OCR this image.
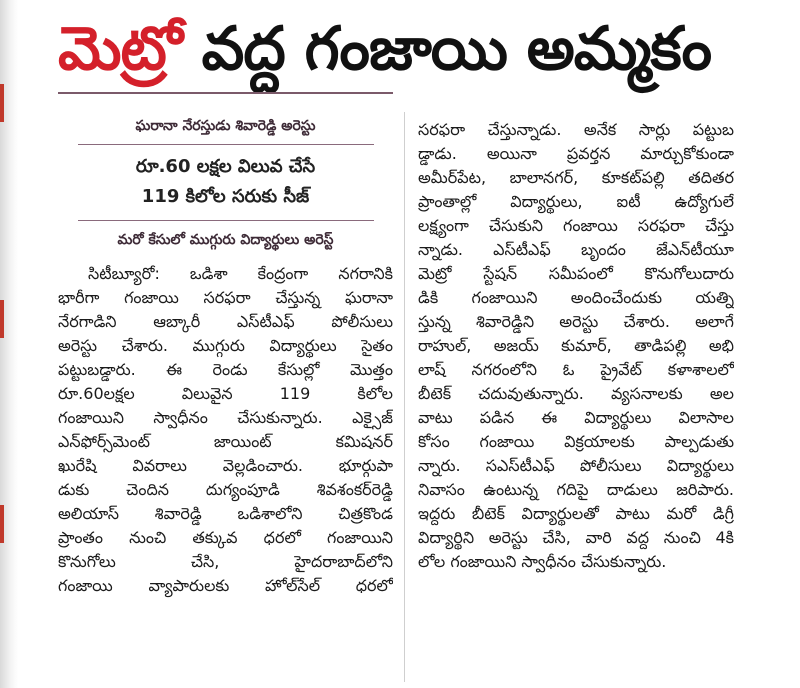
మెట్రో వద్ద గంజాయి అమ్మకం
ఘరానా నేరస్తుడు శివారెడ్డి అరెస్టు
రూ.60 లక్షల విలువ చేసే
119 కిలోల సరుకు సీజ్
మరో కేసులో ముగ్గురు విద్యార్థులు అరెస్ట్
సిటీబ్యూరో: ఒడిశా కేంద్రంగా నగరానికి
భారీగా గంజాయి సరఫరా చేస్తున్న ఘరానా
నేరగాడిని ఆబ్కారీ ఎస్‌టీఎఫ్‌ పోలీసులు
అరెస్టు చేశారు. ముగ్గురు విద్యార్థులు సైతం
పట్టుబడ్డారు. ఈ రెండు కేసుల్లో మొత్తం
రూ.60లక్షల విలువైన 119 కిలోల
గంజాయిని స్వాధీనం చేసుకున్నారు. ఎక్సైజ్
ఎన్‌ఫోర్స్‌మెంట్ జాయింట్ కమిషనర్
ఖురేషి వివరాలు వెల్లడించారు. భూర్గుపా
డుకు చెందిన దుగ్యంపూడి శివశంకర్‌రెడ్డి
అలియాస్ శివారెడ్డి ఒడిశాలోని చిత్రకొండ
ప్రాంతం నుంచి తక్కువ ధరలో గంజాయిని
కొనుగోలు చేసి, హైదరాబాద్‌లోని
గంజాయి వ్యాపారులకు హోల్‌సేల్ ధరలో
సరఫరా చేస్తున్నాడు. అనేక సార్లు పట్టుబ
డ్డాడు. అయినా ప్రవర్తన మార్చుకోకుండా
అమీర్‌పేట, బాలానగర్, కూకట్‌పల్లి తదితర
ప్రాంతాల్లో విద్యార్థులు, ఐటీ ఉద్యోగులే
లక్ష్యంగా చేసుకుని గంజాయి సరఫరా చేస్తు
న్నాడు. ఎస్‌టీఎఫ్ బృందం జేఎన్‌టీయూ
మెట్రో స్టేషన్ సమీపంలో కొనుగోలుదారు
డికి గంజాయిని అందించేందుకు యత్ని
స్తున్న శివారెడ్డిని అరెస్టు చేశారు. అలాగే
రాహుల్, అజయ్ కుమార్, తాడిపల్లి అభి
లాష్ నగరంలోని ఓ ప్రైవేట్ కళాశాలలో
బీటెక్ చదువుతున్నారు. వ్యసనాలకు అల
వాటు పడిన ఈ విద్యార్థులు విలాసాల
కోసం గంజాయి విక్రయాలకు పాల్పడుతు
న్నారు. సఎస్‌టీఎఫ్ పోలీసులు విద్యార్థులు
నివాసం ఉంటున్న గదిపై దాడులు జరిపారు.
ఇద్దరు బీటెక్ విద్యార్థులతో పాటు మరో డిగ్రీ
విద్యార్థిని అరెస్టు చేసి, వారి వద్ద నుంచి 4కి
లోల గంజాయిని స్వాధీనం చేసుకున్నారు.
